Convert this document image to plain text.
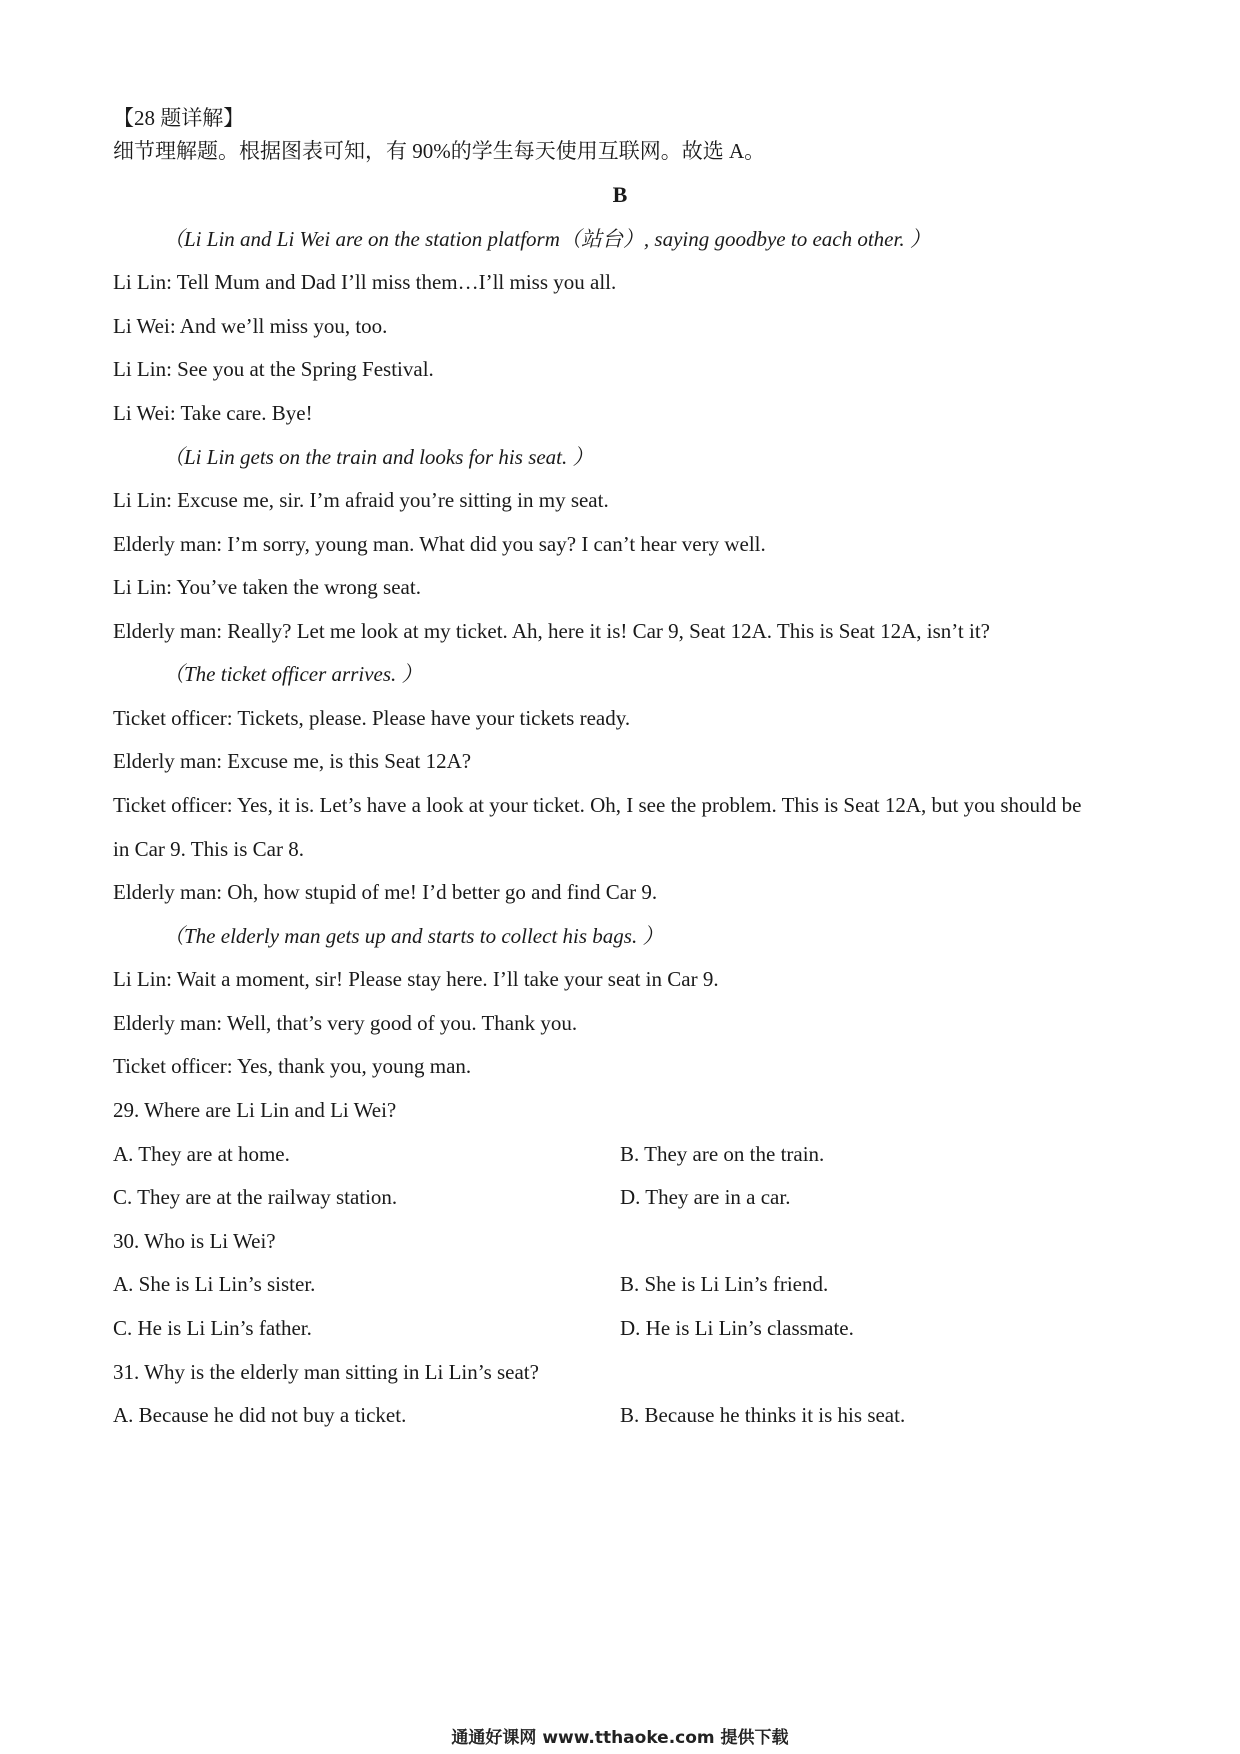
【28 题详解】
细节理解题。根据图表可知，有 90%的学生每天使用互联网。故选 A。
B
（Li Lin and Li Wei are on the station platform（站台）, saying goodbye to each other. ）
Li Lin: Tell Mum and Dad I’ll miss them…I’ll miss you all.
Li Wei: And we’ll miss you, too.
Li Lin: See you at the Spring Festival.
Li Wei: Take care. Bye!
（Li Lin gets on the train and looks for his seat. ）
Li Lin: Excuse me, sir. I’m afraid you’re sitting in my seat.
Elderly man: I’m sorry, young man. What did you say? I can’t hear very well.
Li Lin: You’ve taken the wrong seat.
Elderly man: Really? Let me look at my ticket. Ah, here it is! Car 9, Seat 12A. This is Seat 12A, isn’t it?
（The ticket officer arrives. ）
Ticket officer: Tickets, please. Please have your tickets ready.
Elderly man: Excuse me, is this Seat 12A?
Ticket officer: Yes, it is. Let’s have a look at your ticket. Oh, I see the problem. This is Seat 12A, but you should be
in Car 9. This is Car 8.
Elderly man: Oh, how stupid of me! I’d better go and find Car 9.
（The elderly man gets up and starts to collect his bags. ）
Li Lin: Wait a moment, sir! Please stay here. I’ll take your seat in Car 9.
Elderly man: Well, that’s very good of you. Thank you.
Ticket officer: Yes, thank you, young man.
29. Where are Li Lin and Li Wei?
A. They are at home.	B. They are on the train.
C. They are at the railway station.	D. They are in a car.
30. Who is Li Wei?
A. She is Li Lin’s sister.	B. She is Li Lin’s friend.
C. He is Li Lin’s father.	D. He is Li Lin’s classmate.
31. Why is the elderly man sitting in Li Lin’s seat?
A. Because he did not buy a ticket.	B. Because he thinks it is his seat.
通通好课网 www.tthaoke.com 提供下载
